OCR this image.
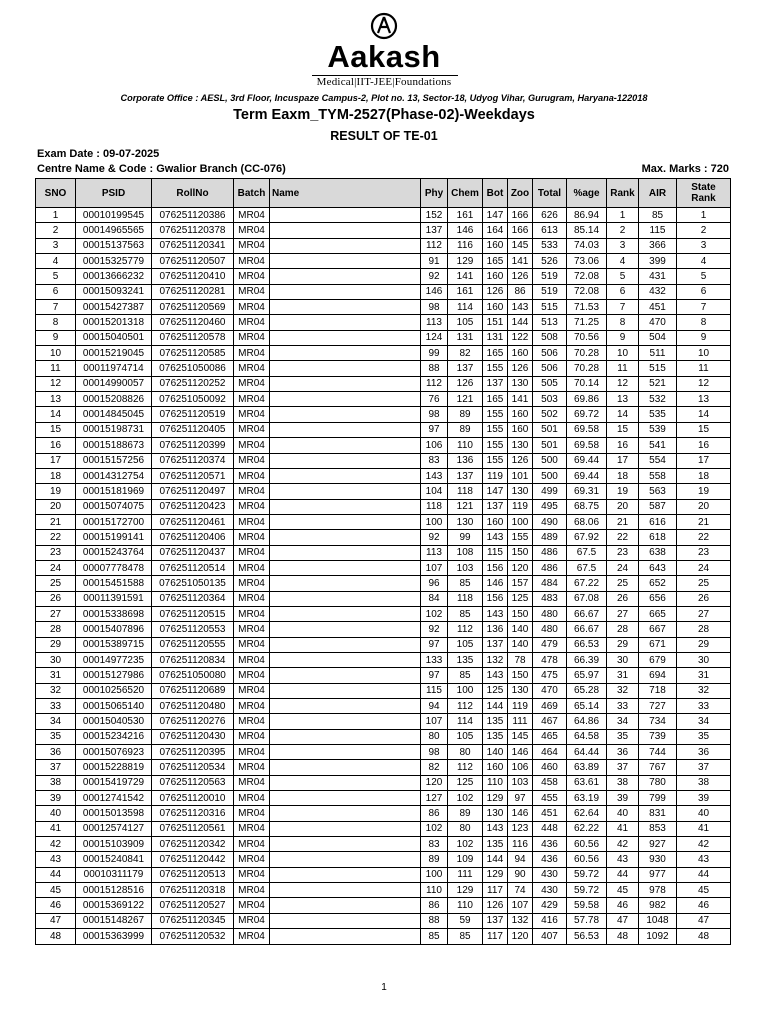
Aakash
Medical|IIT-JEE|Foundations
Corporate Office : AESL, 3rd Floor, Incuspaze Campus-2, Plot no. 13, Sector-18, Udyog Vihar, Gurugram, Haryana-122018
Term Eaxm_TYM-2527(Phase-02)-Weekdays
RESULT OF TE-01
Exam Date : 09-07-2025
Centre Name & Code : Gwalior Branch (CC-076)	Max. Marks : 720
SNO	PSID	RollNo	Batch	Name	Phy	Chem	Bot	Zoo	Total	%age	Rank	AIR	State Rank
1	00010199545	076251120386	MR04		152	161	147	166	626	86.94	1	85	1
2	00014965565	076251120378	MR04		137	146	164	166	613	85.14	2	115	2
3	00015137563	076251120341	MR04		112	116	160	145	533	74.03	3	366	3
4	00015325779	076251120507	MR04		91	129	165	141	526	73.06	4	399	4
5	00013666232	076251120410	MR04		92	141	160	126	519	72.08	5	431	5
6	00015093241	076251120281	MR04		146	161	126	86	519	72.08	6	432	6
7	00015427387	076251120569	MR04		98	114	160	143	515	71.53	7	451	7
8	00015201318	076251120460	MR04		113	105	151	144	513	71.25	8	470	8
9	00015040501	076251120578	MR04		124	131	131	122	508	70.56	9	504	9
10	00015219045	076251120585	MR04		99	82	165	160	506	70.28	10	511	10
11	00011974714	076251050086	MR04		88	137	155	126	506	70.28	11	515	11
12	00014990057	076251120252	MR04		112	126	137	130	505	70.14	12	521	12
13	00015208826	076251050092	MR04		76	121	165	141	503	69.86	13	532	13
14	00014845045	076251120519	MR04		98	89	155	160	502	69.72	14	535	14
15	00015198731	076251120405	MR04		97	89	155	160	501	69.58	15	539	15
16	00015188673	076251120399	MR04		106	110	155	130	501	69.58	16	541	16
17	00015157256	076251120374	MR04		83	136	155	126	500	69.44	17	554	17
18	00014312754	076251120571	MR04		143	137	119	101	500	69.44	18	558	18
19	00015181969	076251120497	MR04		104	118	147	130	499	69.31	19	563	19
20	00015074075	076251120423	MR04		118	121	137	119	495	68.75	20	587	20
21	00015172700	076251120461	MR04		100	130	160	100	490	68.06	21	616	21
22	00015199141	076251120406	MR04		92	99	143	155	489	67.92	22	618	22
23	00015243764	076251120437	MR04		113	108	115	150	486	67.5	23	638	23
24	00007778478	076251120514	MR04		107	103	156	120	486	67.5	24	643	24
25	00015451588	076251050135	MR04		96	85	146	157	484	67.22	25	652	25
26	00011391591	076251120364	MR04		84	118	156	125	483	67.08	26	656	26
27	00015338698	076251120515	MR04		102	85	143	150	480	66.67	27	665	27
28	00015407896	076251120553	MR04		92	112	136	140	480	66.67	28	667	28
29	00015389715	076251120555	MR04		97	105	137	140	479	66.53	29	671	29
30	00014977235	076251120834	MR04		133	135	132	78	478	66.39	30	679	30
31	00015127986	076251050080	MR04		97	85	143	150	475	65.97	31	694	31
32	00010256520	076251120689	MR04		115	100	125	130	470	65.28	32	718	32
33	00015065140	076251120480	MR04		94	112	144	119	469	65.14	33	727	33
34	00015040530	076251120276	MR04		107	114	135	111	467	64.86	34	734	34
35	00015234216	076251120430	MR04		80	105	135	145	465	64.58	35	739	35
36	00015076923	076251120395	MR04		98	80	140	146	464	64.44	36	744	36
37	00015228819	076251120534	MR04		82	112	160	106	460	63.89	37	767	37
38	00015419729	076251120563	MR04		120	125	110	103	458	63.61	38	780	38
39	00012741542	076251120010	MR04		127	102	129	97	455	63.19	39	799	39
40	00015013598	076251120316	MR04		86	89	130	146	451	62.64	40	831	40
41	00012574127	076251120561	MR04		102	80	143	123	448	62.22	41	853	41
42	00015103909	076251120342	MR04		83	102	135	116	436	60.56	42	927	42
43	00015240841	076251120442	MR04		89	109	144	94	436	60.56	43	930	43
44	00010311179	076251120513	MR04		100	111	129	90	430	59.72	44	977	44
45	00015128516	076251120318	MR04		110	129	117	74	430	59.72	45	978	45
46	00015369122	076251120527	MR04		86	110	126	107	429	59.58	46	982	46
47	00015148267	076251120345	MR04		88	59	137	132	416	57.78	47	1048	47
48	00015363999	076251120532	MR04		85	85	117	120	407	56.53	48	1092	48
1
